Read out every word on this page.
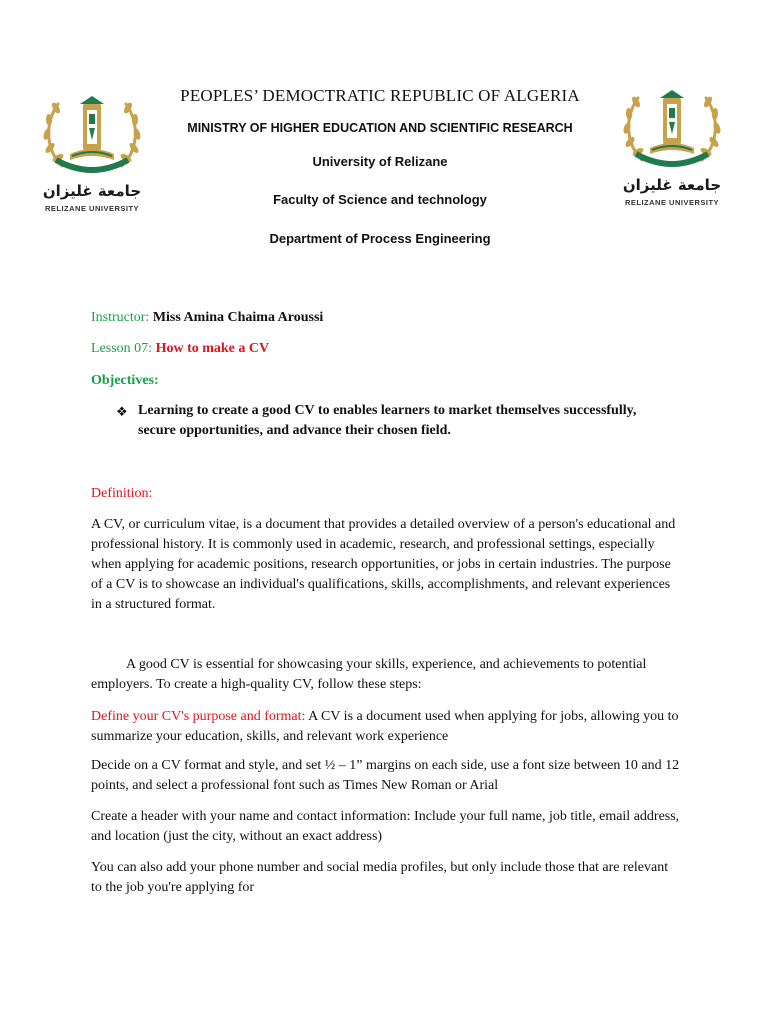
جامعة غليزان
RELIZANE UNIVERSITY
جامعة غليزان
RELIZANE UNIVERSITY
PEOPLES’ DEMOCTRATIC REPUBLIC OF ALGERIA
MINISTRY OF HIGHER EDUCATION AND SCIENTIFIC RESEARCH
University of Relizane
Faculty of Science and technology
Department of Process Engineering
Instructor: Miss Amina Chaima Aroussi
Lesson 07: How to make a CV
Objectives:
❖ Learning to create a good CV to enables learners to market themselves successfully, secure opportunities, and advance their chosen field.
Definition:
A CV, or curriculum vitae, is a document that provides a detailed overview of a person's educational and professional history. It is commonly used in academic, research, and professional settings, especially when applying for academic positions, research opportunities, or jobs in certain industries. The purpose of a CV is to showcase an individual's qualifications, skills, accomplishments, and relevant experiences in a structured format.
A good CV is essential for showcasing your skills, experience, and achievements to potential employers. To create a high-quality CV, follow these steps:
Define your CV's purpose and format: A CV is a document used when applying for jobs, allowing you to summarize your education, skills, and relevant work experience
Decide on a CV format and style, and set ½ – 1” margins on each side, use a font size between 10 and 12 points, and select a professional font such as Times New Roman or Arial
Create a header with your name and contact information: Include your full name, job title, email address, and location (just the city, without an exact address)
You can also add your phone number and social media profiles, but only include those that are relevant to the job you're applying for
